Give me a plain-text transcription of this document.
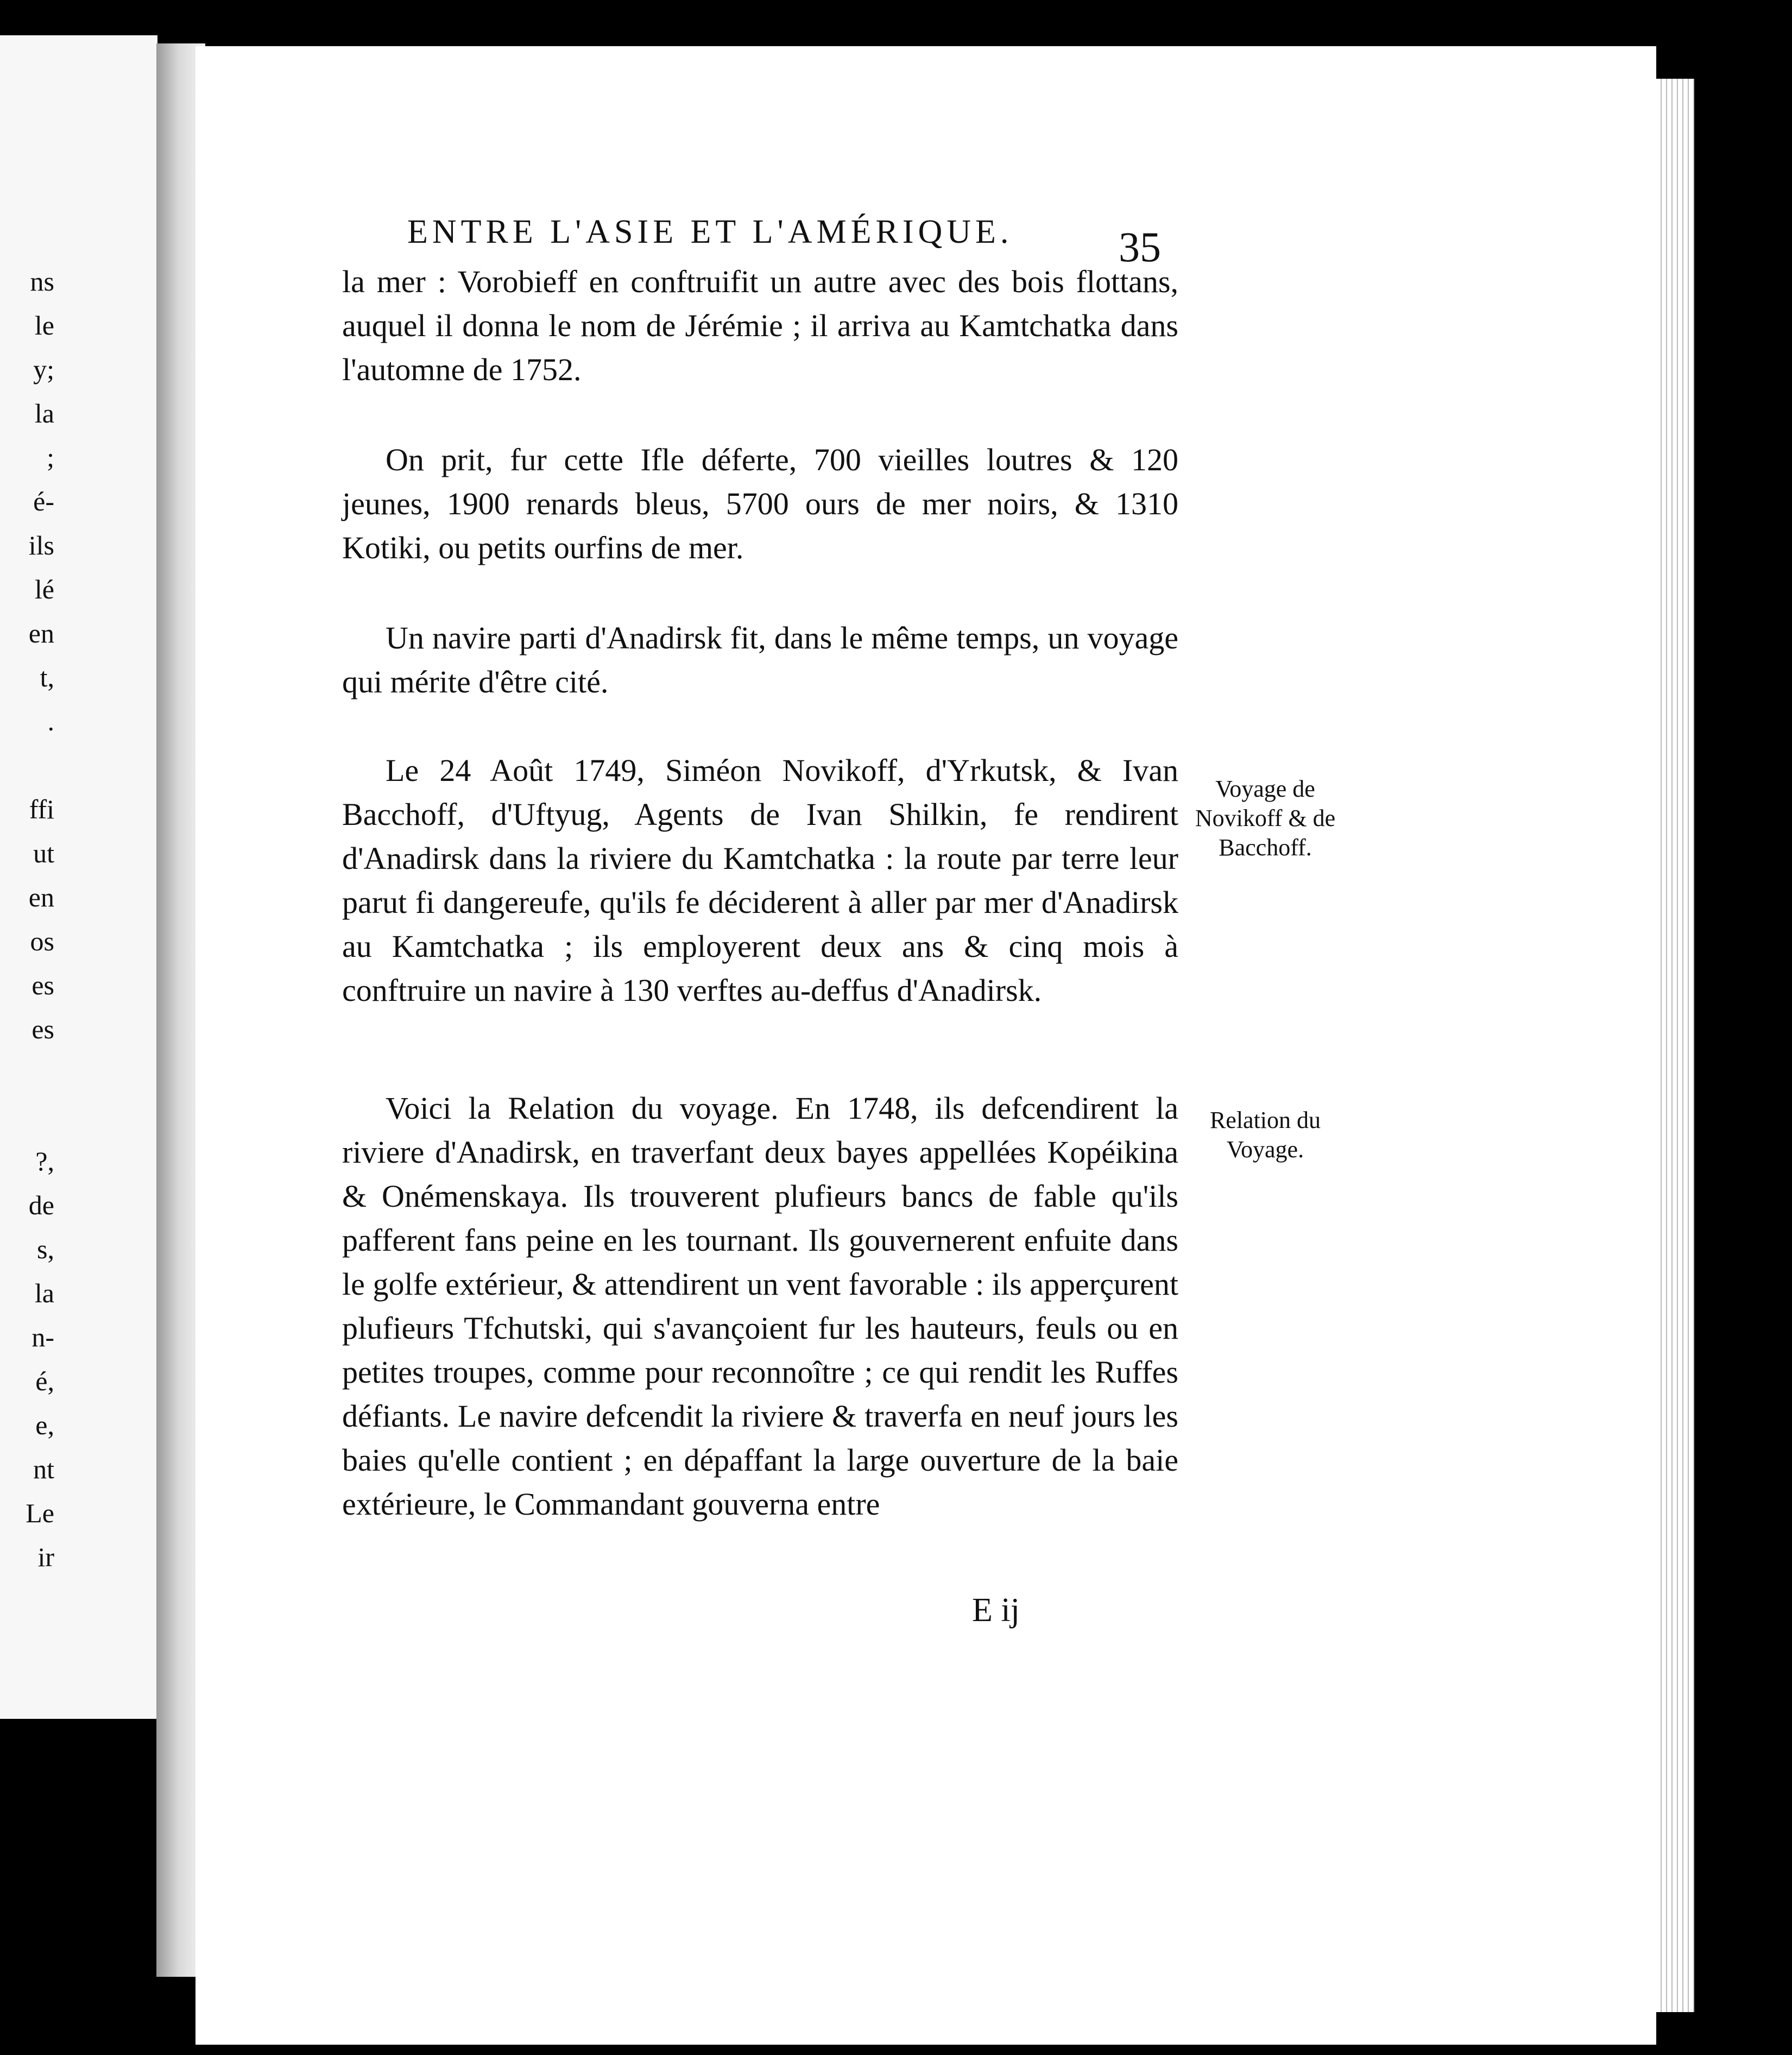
ns
le
y;
la
;
é-
ils
lé
en
t,
.

ffi
ut
en
os
es
es

?,
de
s,
la
n-
é,
e,
nt
Le
ir
ENTRE L'ASIE ET L'AMÉRIQUE.	35

la mer : Vorobieff en conftruifit un autre avec des bois flottans, auquel il donna le nom de Jérémie ; il arriva au Kamtchatka dans l'automne de 1752.

On prit, fur cette Ifle déferte, 700 vieilles loutres & 120 jeunes, 1900 renards bleus, 5700 ours de mer noirs, & 1310 Kotiki, ou petits ourfins de mer.

Un navire parti d'Anadirsk fit, dans le même temps, un voyage qui mérite d'être cité.

Le 24 Août 1749, Siméon Novikoff, d'Yrkutsk, & Ivan Bacchoff, d'Uftyug, Agents de Ivan Shilkin, fe rendirent d'Anadirsk dans la riviere du Kamtchatka : la route par terre leur parut fi dangereufe, qu'ils fe déciderent à aller par mer d'Anadirsk au Kamtchatka ; ils employerent deux ans & cinq mois à conftruire un navire à 130 verftes au-deffus d'Anadirsk.

Voici la Relation du voyage. En 1748, ils defcendirent la riviere d'Anadirsk, en traverfant deux bayes appellées Kopéikina & Onémenskaya. Ils trouverent plufieurs bancs de fable qu'ils pafferent fans peine en les tournant. Ils gouvernerent enfuite dans le golfe extérieur, & attendirent un vent favorable : ils apperçurent plufieurs Tfchutski, qui s'avançoient fur les hauteurs, feuls ou en petites troupes, comme pour reconnoître ; ce qui rendit les Ruffes défiants. Le navire defcendit la riviere & traverfa en neuf jours les baies qu'elle contient ; en dépaffant la large ouverture de la baie extérieure, le Commandant gouverna entre

Voyage de Novikoff & de Bacchoff.
Relation du Voyage.
E ij
